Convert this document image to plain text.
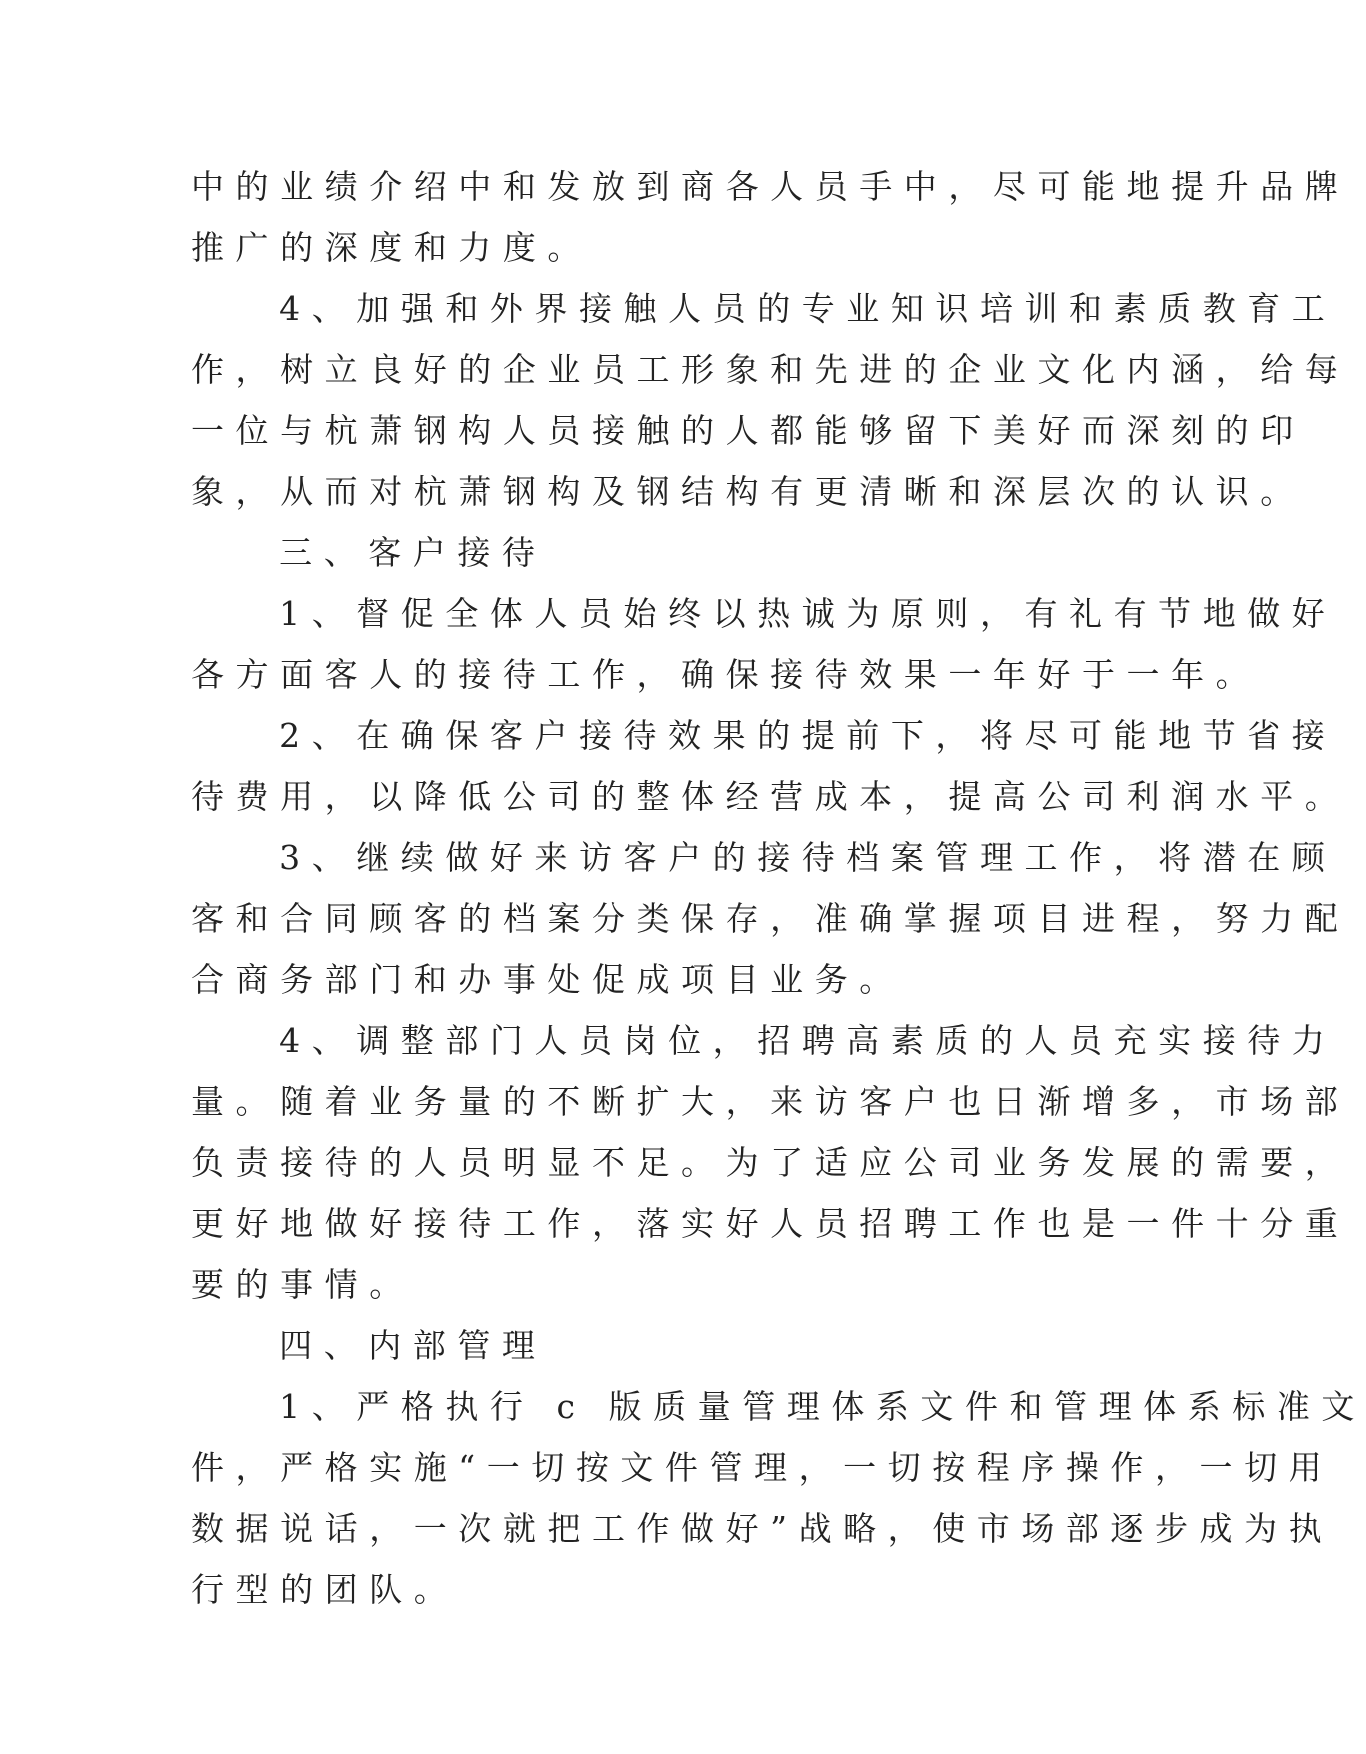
中的业绩介绍中和发放到商各人员手中，尽可能地提升品牌
推广的深度和力度。
4、加强和外界接触人员的专业知识培训和素质教育工
作，树立良好的企业员工形象和先进的企业文化内涵，给每
一位与杭萧钢构人员接触的人都能够留下美好而深刻的印
象，从而对杭萧钢构及钢结构有更清晰和深层次的认识。
三、客户接待
1、督促全体人员始终以热诚为原则，有礼有节地做好
各方面客人的接待工作，确保接待效果一年好于一年。
2、在确保客户接待效果的提前下，将尽可能地节省接
待费用，以降低公司的整体经营成本，提高公司利润水平。
3、继续做好来访客户的接待档案管理工作，将潜在顾
客和合同顾客的档案分类保存，准确掌握项目进程，努力配
合商务部门和办事处促成项目业务。
4、调整部门人员岗位，招聘高素质的人员充实接待力
量。随着业务量的不断扩大，来访客户也日渐增多，市场部
负责接待的人员明显不足。为了适应公司业务发展的需要，
更好地做好接待工作，落实好人员招聘工作也是一件十分重
要的事情。
四、内部管理
1、严格执行 c 版质量管理体系文件和管理体系标准文
件，严格实施“一切按文件管理，一切按程序操作，一切用
数据说话，一次就把工作做好”战略，使市场部逐步成为执
行型的团队。
